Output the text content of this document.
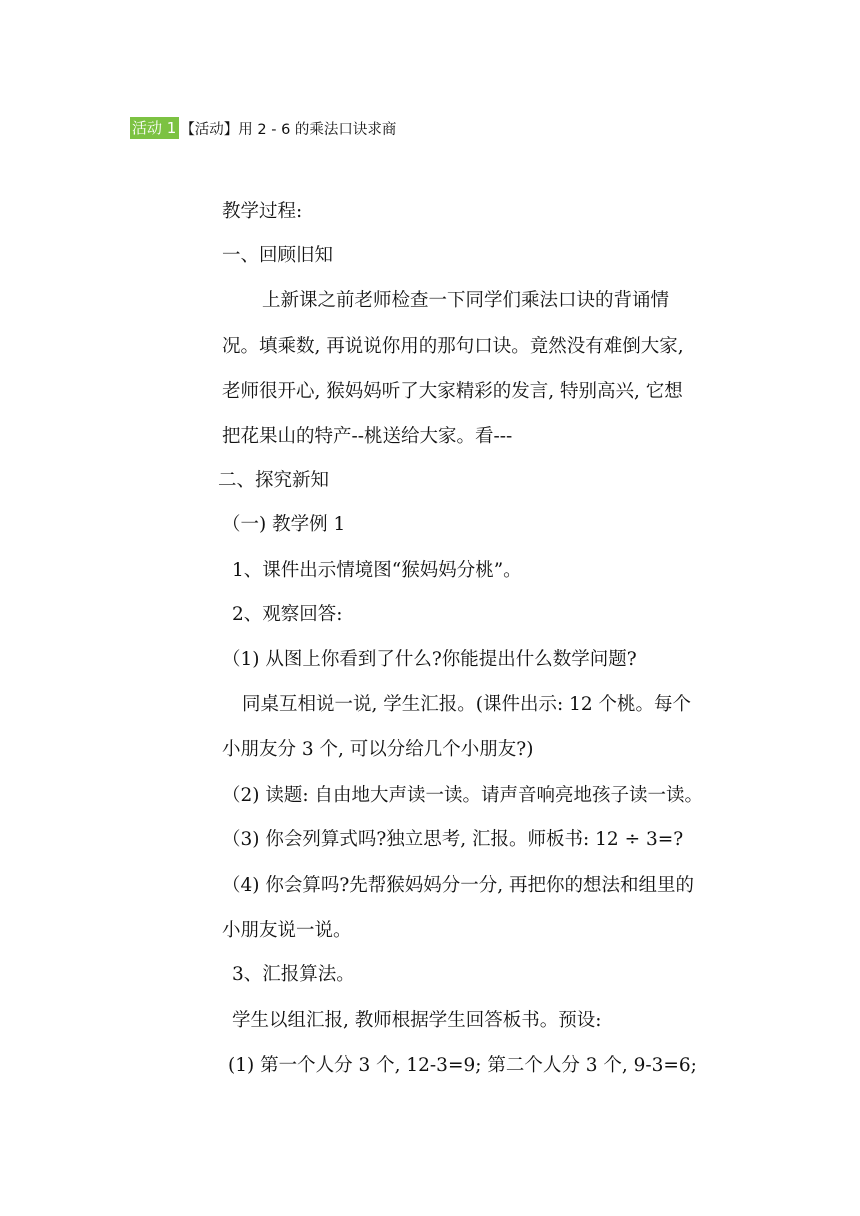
活动 1 【活动】用 2 - 6 的乘法口诀求商
教学过程:
一、回顾旧知
上新课之前老师检查一下同学们乘法口诀的背诵情
况。填乘数, 再说说你用的那句口诀。竟然没有难倒大家,
老师很开心, 猴妈妈听了大家精彩的发言, 特别高兴, 它想
把花果山的特产--桃送给大家。看---
二、探究新知
（一) 教学例 1
1、课件出示情境图“猴妈妈分桃”。
2、观察回答:
（1) 从图上你看到了什么?你能提出什么数学问题?
同桌互相说一说, 学生汇报。(课件出示: 12 个桃。每个
小朋友分 3 个, 可以分给几个小朋友?)
（2) 读题: 自由地大声读一读。请声音响亮地孩子读一读。
（3) 你会列算式吗?独立思考, 汇报。师板书: 12 ÷ 3=?
（4) 你会算吗?先帮猴妈妈分一分, 再把你的想法和组里的
小朋友说一说。
3、汇报算法。
学生以组汇报, 教师根据学生回答板书。预设:
(1) 第一个人分 3 个, 12-3=9; 第二个人分 3 个, 9-3=6;
